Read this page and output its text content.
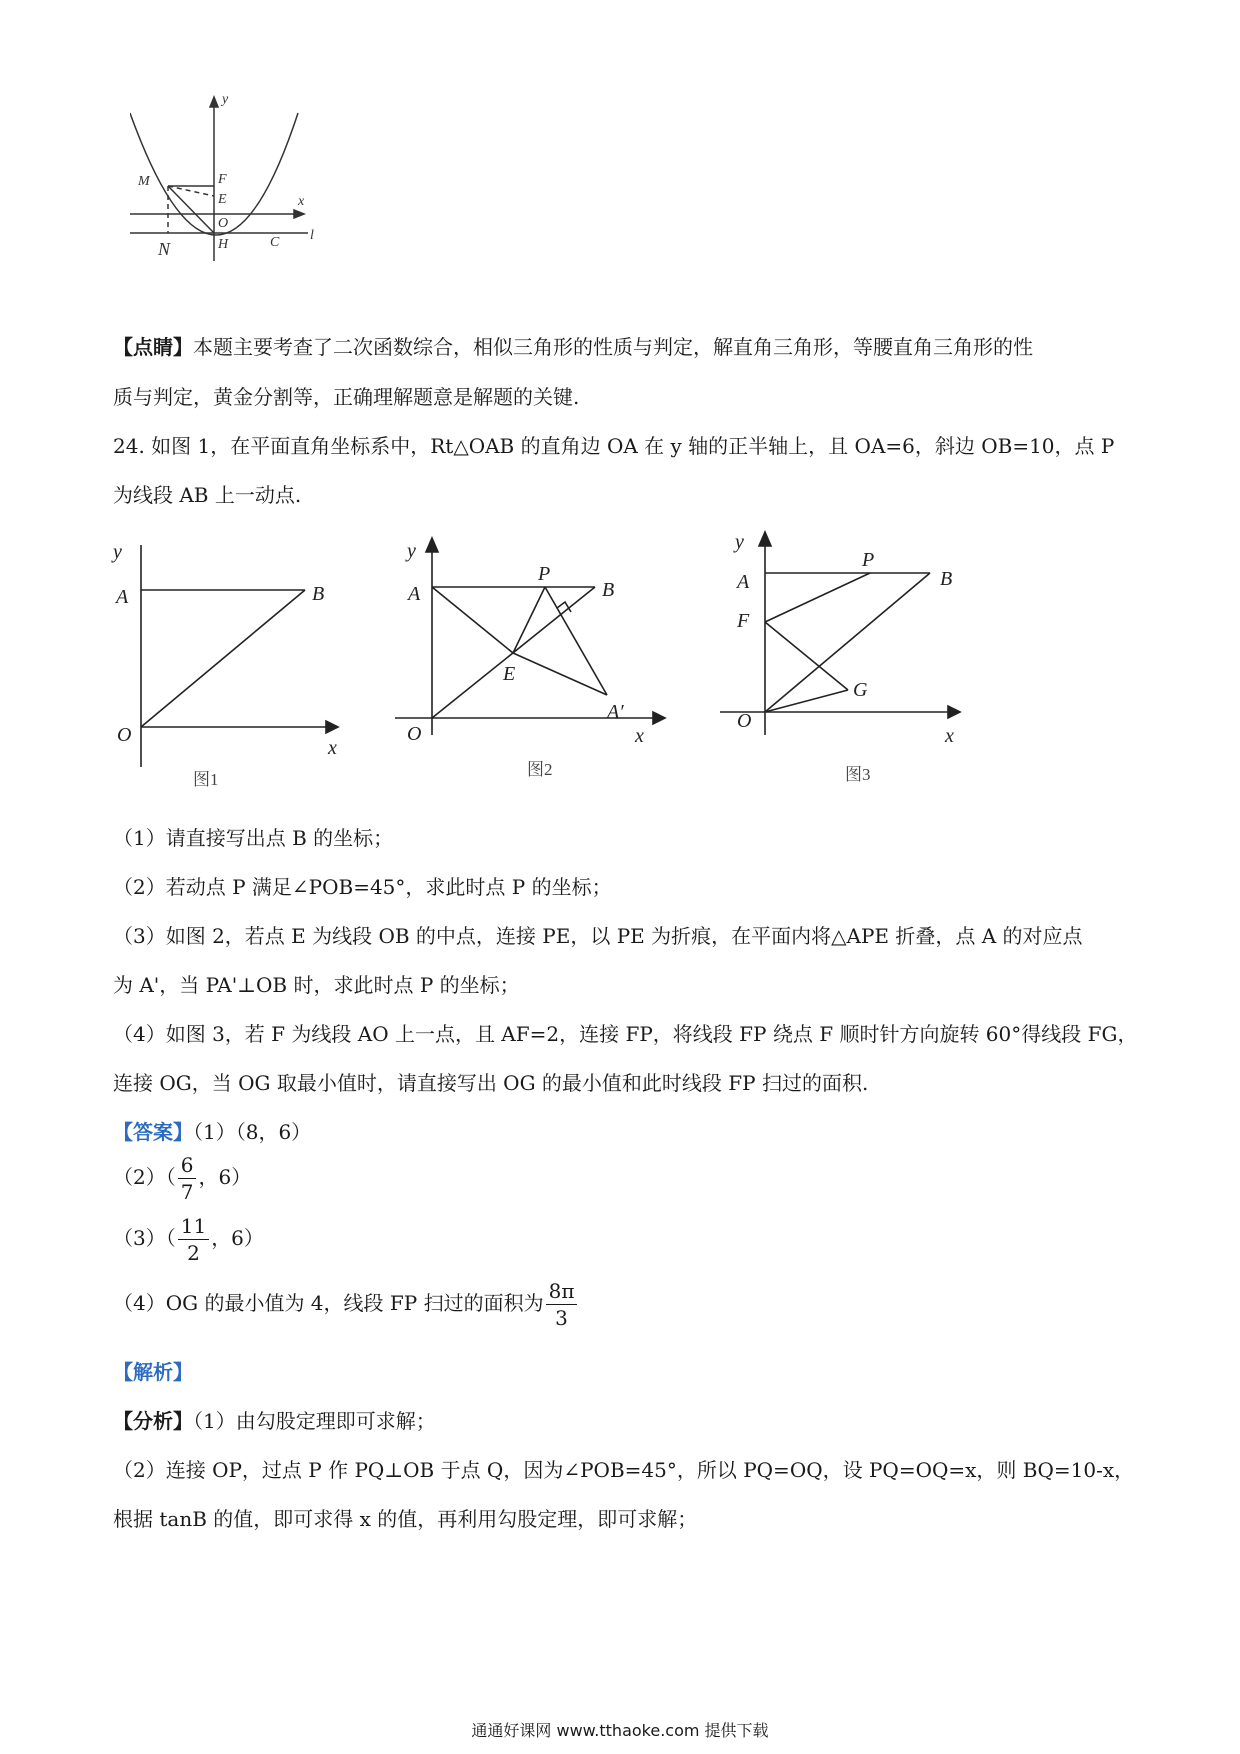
y
x
M	F
E
O
N	H	C l
【点睛】本题主要考查了二次函数综合，相似三角形的性质与判定，解直角三角形，等腰直角三角形的性
质与判定，黄金分割等，正确理解题意是解题的关键.
24. 如图 1，在平面直角坐标系中，Rt△OAB 的直角边 OA 在 y 轴的正半轴上，且 OA=6，斜边 OB=10，点 P
为线段 AB 上一动点.
y
A	B
O
x
图1
y
A
P
B
E
A′
O	x
图2
y
A
P
B
F
G
O
x
图3
（1）请直接写出点 B 的坐标；
（2）若动点 P 满足∠POB=45°，求此时点 P 的坐标；
（3）如图 2，若点 E 为线段 OB 的中点，连接 PE，以 PE 为折痕，在平面内将△APE 折叠，点 A 的对应点
为 A'，当 PA'⊥OB 时，求此时点 P 的坐标；
（4）如图 3，若 F 为线段 AO 上一点，且 AF=2，连接 FP，将线段 FP 绕点 F 顺时针方向旋转 60°得线段 FG，
连接 OG，当 OG 取最小值时，请直接写出 OG 的最小值和此时线段 FP 扫过的面积.
【答案】（1）（8，6）
$(2)( \frac{6}{7}$ ，6）
$(3)( \frac{11}{2}$ ，6）
（4）OG 的最小值为 4，线段 FP 扫过的面积为 $\frac{8\pi}{3}$
【解析】
【分析】（1）由勾股定理即可求解；
（2）连接 OP，过点 P 作 PQ⊥OB 于点 Q，因为∠POB=45°，所以 PQ=OQ，设 PQ=OQ=x，则 BQ=10-x，
根据 tanB 的值，即可求得 x 的值，再利用勾股定理，即可求解；
通通好课网 www.tthaoke.com 提供下载
